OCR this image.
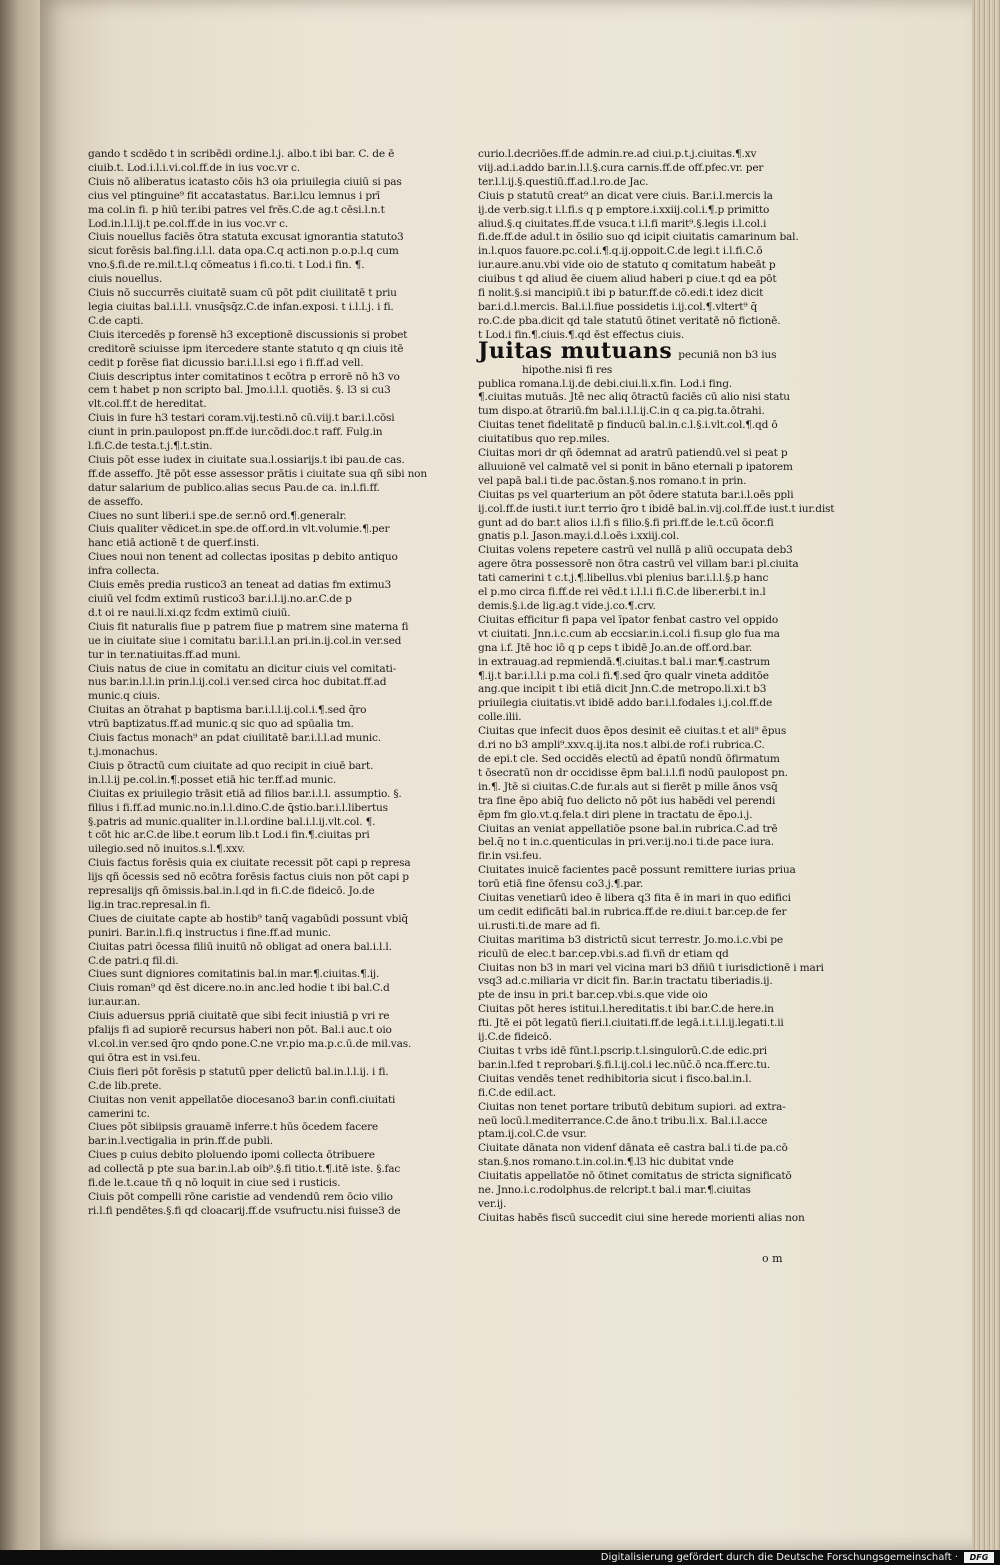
gando t scdēdo t in scribēdi ordine.l.j. albo.t ibi bar. C. de ē
ciuib.t. Lod.i.l.i.vi.col.ff.de in ius voc.vr c.
Ciuis nō aliberatus icatasto cōis h3 oia priuilegia ciuiū si pas
cius vel ptinguine⁹ fit accatastatus. Bar.i.lcu lemnus i prī
ma col.in fi. p hiū ter.ibi patres vel frēs.C.de ag.t cēsi.l.n.t
Lod.in.l.l.ij.t pe.col.ff.de in ius voc.vr c.
Ciuis nouellus faciēs ōtra statuta excusat ignorantia statuto3
sicut forēsis bal.fing.i.l.l. data opa.C.q acti.non p.o.p.l.q cum
vno.§.fi.de re.mil.t.l.q cōmeatus i fi.co.ti. t Lod.i fin. ¶.
ciuis nouellus.
Ciuis nō succurrēs ciuitatē suam cū pōt pdit ciuilitatē t priu
legia ciuitas bal.i.l.l. vnusq̄sq̄z.C.de infan.exposi. t i.l.l.j. i fi.
C.de capti.
Ciuis itercedēs p forensē h3 exceptionē discussionis si probet
creditorē sciuisse ipm itercedere stante statuto q qn ciuis itē
cedit p forēse fiat dicussio bar.i.l.l.si ego i fi.ff.ad vell.
Ciuis descriptus inter comitatinos t ecōtra p errorē nō h3 vo
cem t habet p non scripto bal. Jmo.i.l.l. quotiēs. §. l3 si cu3
vlt.col.ff.t de hereditat.
Ciuis in fure h3 testari coram.vij.testi.nō cū.viij.t bar.i.l.cōsi
ciunt in prin.paulopost pn.ff.de iur.cōdi.doc.t raff. Fulg.in
l.fi.C.de testa.t.j.¶.t.stin.
Ciuis pōt esse iudex in ciuitate sua.l.ossiarijs.t ibi pau.de cas.
ff.de asseffo. Jtē pōt esse assessor prātis i ciuitate sua qñ sibi non
datur salarium de publico.alias secus Pau.de ca. in.l.fi.ff.
de asseffo.
Ciues no sunt liberi.i spe.de ser.nō ord.¶.generalr.
Ciuis qualiter vēdicet.in spe.de off.ord.in vlt.volumie.¶.per
hanc etiā actionē t de querf.insti.
Ciues noui non tenent ad collectas ipositas p debito antiquo
infra collecta.
Ciuis emēs predia rustico3 an teneat ad datias fm extimu3
ciuiū vel fcdm extimū rustico3 bar.i.l.ij.no.ar.C.de p
d.t oi re naui.li.xi.qz fcdm extimū ciuiū.
Ciuis fit naturalis fiue p patrem fiue p matrem sine materna fi
ue in ciuitate siue i comitatu bar.i.l.l.an pri.in.ij.col.in ver.sed
tur in ter.natiuitas.ff.ad muni.
Ciuis natus de ciue in comitatu an dicitur ciuis vel comitati-
nus bar.in.l.l.in prin.l.ij.col.i ver.sed circa hoc dubitat.ff.ad
munic.q ciuis.
Ciuitas an ōtrahat p baptisma bar.i.l.l.ij.col.i.¶.sed q̄ro
vtrū baptizatus.ff.ad munic.q sic quo ad spūalia tm.
Ciuis factus monach⁹ an pdat ciuilitatē bar.i.l.l.ad munic.
t.j.monachus.
Ciuis p ōtractū cum ciuitate ad quo recipit in ciuē bart.
in.l.l.ij pe.col.in.¶.posset etiā hic ter.ff.ad munic.
Ciuitas ex priuilegio trāsit etiā ad filios bar.i.l.l. assumptio. §.
filius i fi.ff.ad munic.no.in.l.l.dino.C.de q̄stio.bar.i.l.libertus
§.patris ad munic.qualiter in.l.l.ordine bal.i.l.ij.vlt.col. ¶.
t cōt hic ar.C.de libe.t eorum lib.t Lod.i fin.¶.ciuitas pri
uilegio.sed nō inuitos.s.l.¶.xxv.
Ciuis factus forēsis quia ex ciuitate recessit pōt capi p represa
lijs qñ ōcessis sed nō ecōtra forēsis factus ciuis non pōt capi p
represalijs qñ ōmissis.bal.in.l.qd in fi.C.de fideicō. Jo.de
lig.in trac.represal.in fi.
Ciues de ciuitate capte ab hostib⁹ tanq̄ vagabūdi possunt vbiq̄
puniri. Bar.in.l.fi.q instructus i fine.ff.ad munic.
Ciuitas patri ōcessa filiū inuitū nō obligat ad onera bal.i.l.l.
C.de patri.q fil.di.
Ciues sunt digniores comitatinis bal.in mar.¶.ciuitas.¶.ij.
Ciuis roman⁹ qd ēst dicere.no.in anc.led hodie t ibi bal.C.d
iur.aur.an.
Ciuis aduersus ppriā ciuitatē que sibi fecit iniustiā p vri re
pfalijs fi ad supiorē recursus haberi non pōt. Bal.i auc.t oio
vl.col.in ver.sed q̄ro qndo pone.C.ne vr.pio ma.p.c.ū.de mil.vas.
qui ōtra est in vsi.feu.
Ciuis fieri pōt forēsis p statutū pper delictū bal.in.l.l.ij. i fi.
C.de lib.prete.
Ciuitas non venit appellatōe diocesano3 bar.in confi.ciuitati
camerini tc.
Ciues pōt sibiipsis grauamē inferre.t hūs ōcedem facere
bar.in.l.vectigalia in prin.ff.de publi.
Ciues p cuius debito ploluendo ipomi collecta ōtribuere
ad collectā p pte sua bar.in.l.ab oib⁹.§.fi titio.t.¶.itē iste. §.fac
fi.de le.t.caue tñ q nō loquit in ciue sed i rusticis.
Ciuis pōt compelli rōne caristie ad vendendū rem ōcio vilio
ri.l.fi pendētes.§.fi qd cloacarij.ff.de vsufructu.nisi fuisse3 de
curio.l.decriōes.ff.de admin.re.ad ciui.p.t.j.ciuitas.¶.xv
viij.ad.i.addo bar.in.l.l.§.cura carnis.ff.de off.pfec.vr. per
ter.l.l.ij.§.questiū.ff.ad.l.ro.de Jac.
Ciuis p statutū creat⁹ an dicat vere ciuis. Bar.i.l.mercis la
ij.de verb.sig.t i.l.fi.s q p emptore.i.xxiij.col.i.¶.p primitto
aliud.§.q ciuitates.ff.de vsuca.t i.l.fi marit⁹.§.legis i.l.col.i
fi.de.ff.de adul.t in ōsilio suo qd icipit ciuitatis camarinum bal.
in.l.quos fauore.pc.col.i.¶.q.ij.oppoit.C.de legi.t i.l.fi.C.ō
iur.aure.anu.vbi vide oio de statuto q comitatum habeāt p
ciuibus t qd aliud ēe ciuem aliud haberi p ciue.t qd ea pōt
fi nolit.§.si mancipiū.t ibi p batur.ff.de cō.edi.t idez dicit
bar.i.d.l.mercis. Bal.i.l.fiue possidetis i.ij.col.¶.vltert⁹ q̄
ro.C.de pba.dicit qd tale statutū ōtinet veritatē nō fictionē.
t Lod.i fin.¶.ciuis.¶.qd ēst effectus ciuis.
Juitas mutuans pecuniā non b3 ius
hipothe.nisi fi res
publica romana.l.ij.de debi.ciui.li.x.fin. Lod.i fing.
¶.ciuitas mutuās. Jtē nec aliq ōtractū faciēs cū alio nisi statu
tum dispo.at ōtrariū.fm bal.i.l.l.ij.C.in q ca.pig.ta.ōtrahi.
Ciuitas tenet fidelitatē p finducū bal.in.c.l.§.i.vlt.col.¶.qd ō
ciuitatibus quo rep.miles.
Ciuitas mori dr qñ ōdemnat ad aratrū patiendū.vel si peat p
alluuionē vel calmatē vel si ponit in bāno eternali p ipatorem
vel papā bal.i ti.de pac.ōstan.§.nos romano.t in prin.
Ciuitas ps vel quarterium an pōt ōdere statuta bar.i.l.oēs ppli
ij.col.ff.de iusti.t iur.t terrio q̄ro t ibidē bal.in.vij.col.ff.de iust.t iur.dist
gunt ad do bar.t alios i.l.fi s filio.§.fi pri.ff.de le.t.cū ōcor.fi
gnatis p.l. Jason.may.i.d.l.oēs i.xxiij.col.
Ciuitas volens repetere castrū vel nullā p aliū occupata deb3
agere ōtra possessorē non ōtra castrū vel villam bar.i pl.ciuita
tati camerini t c.t.j.¶.libellus.vbi plenius bar.i.l.l.§.p hanc
el p.mo circa fi.ff.de rei vēd.t i.l.l.i fi.C.de liber.erbi.t in.l
demis.§.i.de lig.ag.t vide.j.co.¶.crv.
Ciuitas efficitur fi papa vel īpator fenbat castro vel oppido
vt ciuitati. Jnn.i.c.cum ab eccsiar.in.i.col.i fi.sup glo fua ma
gna i.f. Jtē hoc iō q p ceps t ibidē Jo.an.de off.ord.bar.
in extrauag.ad repmiendā.¶.ciuitas.t bal.i mar.¶.castrum
¶.ij.t bar.i.l.l.i p.ma col.i fi.¶.sed q̄ro qualr vineta additōe
ang.que incipit t ibi etiā dicit Jnn.C.de metropo.li.xi.t b3
priuilegia ciuitatis.vt ibidē addo bar.i.l.fodales i.j.col.ff.de
colle.ilii.
Ciuitas que infecit duos ēpos desinit eē ciuitas.t et ali⁹ ēpus
d.ri no b3 ampli⁹.xxv.q.ij.ita nos.t albi.de rof.i rubrica.C.
de epi.t cle. Sed occidēs electū ad ēpatū nondū ōfirmatum
t ōsecratū non dr occidisse ēpm bal.i.l.fi nodū paulopost pn.
in.¶. Jtē si ciuitas.C.de fur.als aut si fierēt p mille ānos vsq̄
tra fine ēpo abiq̄ fuo delicto nō pōt ius habēdi vel perendi
ēpm fm glo.vt.q.fela.t diri plene in tractatu de ēpo.i.j.
Ciuitas an veniat appellatiōe psone bal.in rubrica.C.ad trē
bel.q̄ no t in.c.quenticulas in pri.ver.ij.no.i ti.de pace iura.
fir.in vsi.feu.
Ciuitates inuicē facientes pacē possunt remittere iurias priua
torū etiā fine ōfensu co3.j.¶.par.
Ciuitas venetiarū ideo ē libera q3 fita ē in mari in quo edifici
um cedit edificāti bal.in rubrica.ff.de re.diui.t bar.cep.de fer
ui.rusti.ti.de mare ad fi.
Ciuitas maritima b3 districtū sicut terrestr. Jo.mo.i.c.vbi pe
riculū de elec.t bar.cep.vbi.s.ad fi.vñ dr etiam qd
Ciuitas non b3 in mari vel vicina mari b3 dñiū t iurisdictionē i mari
vsq3 ad.c.miliaria vr dicit fin. Bar.in tractatu tiberiadis.ij.
pte de insu in pri.t bar.cep.vbi.s.que vide oio
Ciuitas pōt heres istitui.l.hereditatis.t ibi bar.C.de here.in
fti. Jtē ei pōt legatū fieri.l.ciuitati.ff.de legā.i.t.i.l.ij.legati.t.ii
ij.C.de fideicō.
Ciuitas t vrbs idē fūnt.l.pscrip.t.l.singulorū.C.de edic.pri
bar.in.l.fed t reprobari.§.fi.l.ij.col.i lec.nūc̄.ō nca.ff.erc.tu.
Ciuitas vendēs tenet redhibitoria sicut i fisco.bal.in.l.
fi.C.de edil.act.
Ciuitas non tenet portare tributū debitum supiori. ad extra-
neū locū.l.mediterrance.C.de āno.t tribu.li.x. Bal.i.l.acce
ptam.ij.col.C.de vsur.
Ciuitate dānata non videnf dānata eē castra bal.i ti.de pa.cō
stan.§.nos romano.t.in.col.in.¶.l3 hic dubitat vnde
Ciuitatis appellatōe nō ōtinet comitatus de stricta significatō
ne. Jnno.i.c.rodolphus.de relcript.t bal.i mar.¶.ciuitas
ver.ij.
Ciuitas habēs fiscū succedit ciui sine herede morienti alias non
o m
Digitalisierung gefördert durch die Deutsche Forschungsgemeinschaft ·	DFG
